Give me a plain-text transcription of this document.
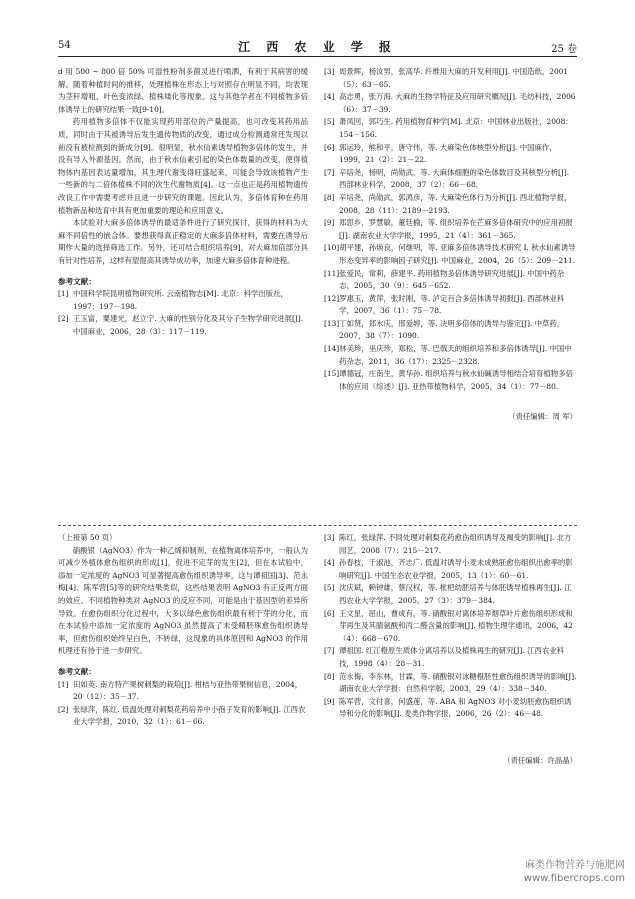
54	江 西 农 业 学 报	25 卷

d 用 500 ~ 800 倍 50% 可湿性粉剂多菌灵进行喷洒，有利于其病害的缓解。随着种植时间的推移，处理植株在形态上与对照存在明显不同，均表现为茎秆增粗、叶色变浓绿、植株矮化等现象。这与其他学者在不同植物多倍体诱导上的研究结果一致[9-10]。

药用植物多倍体不仅能实现药用部位的产量提高，也可改变其药用品质，同时由于其被诱导后发生遗传物质的改变，通过成分检测通常还发现以前没有被检测到的新成分[9]。很明显，秋水仙素诱导植物多倍体的发生，并没有导入外源基因。然而，由于秋水仙素引起的染色体数量的改变，使得植物体内基因表达量增加，其生理代谢变得旺盛起来，可能会导致该植物产生一些新的与二倍体植株不同的次生代谢物质[4]。这一点也正是药用植物遗传改良工作中需要考虑并且进一步研究的课题。因此认为，多倍体育种在药用植物新品种选育中具有更加重要的理论和应用意义。

本试验对大麻多倍体诱导的最适条件进行了研究探讨，获得的材料为大麻不同倍性的嵌合体。要想获得真正稳定的大麻多倍体材料，需要在诱导后期作大量的选择筛选工作。另外，还可结合组织培养[9]，对大麻加倍部分具有针对性培养，这样有望提高其诱导成功率，加速大麻多倍体育种进程。

参考文献：
[1] 中国科学院昆明植物研究所. 云南植物志[M]. 北京：科学出版社，1997：197－198.
[2] 王玉富，粟建光，赵立宁. 大麻的性别分化及其分子生物学研究进展[J]. 中国麻业，2006，28（3）：117－119.
[3] 周景辉，杨汝男，张高华. 纤维用大麻的开发利用[J]. 中国造纸，2001（5）：63－65.
[4] 高志勇，张万海. 大麻的生物学特征及应用研究概况[J]. 毛纺科技，2006（6）：37－39.
[5] 萧凤回，郭巧生. 药用植物育种学[M]. 北京：中国林业出版社，2008：154－156.
[6] 郭运玲，熊和平，唐守伟，等. 大麻染色体核型分析[J]. 中国麻作，1999，21（2）：21－22.
[7] 辛培尧，杨明，尚勋武，等. 大麻体细胞的染色体数目及其核型分析[J]. 西部林业科学，2008，37（2）：66－68.
[8] 辛培尧，尚勋武，郭鸿彦，等. 大麻染色体行为分析[J]. 西北植物学报，2008，28（11）：2189－2193.
[9] 郑思乡，罗慧敏，董廷榆，等. 组织培养在芒麻多倍体研究中的应用初报[J]. 湖南农业大学学报，1995，21（4）：361－365.
[10] 胡平建，孙焕良，何继明，等. 亚麻多倍体诱导技术研究 I. 秋水仙素诱导形态变异率的影响因子研究[J]. 中国麻业，2004，26（5）：209－211.
[11] 张爱民，常莉，薛建平. 药用植物多倍体诱导研究进展[J]. 中国中药杂志，2005，30（9）：645－652.
[12] 罗惠玉，黄萍，张时刚，等. 泸定百合多倍体诱导初报[J]. 西部林业科学，2007，36（1）：75－78.
[13] 丁如贤，郑水庆，邢爱婷，等. 决明多倍体的诱导与鉴定[J]. 中草药，2007，38（7）：1090.
[14] 林美珍，巫庆珍，郑松，等. 巴戟天的组织培养和多倍体诱导[J]. 中国中药杂志，2011，36（17）：2325－2328.
[15] 谭德冠，庄南生，黄华孙. 组织培养与秋水仙碱诱导相结合培育植物多倍体的应用（综述）[J]. 亚热带植物科学，2005，34（1）：77－80.
（责任编辑：周 军）
（上接第 50 页）

硝酸银（AgNO3）作为一种乙烯抑制剂，在植物离体培养中，一般认为可减少外植体愈伤组织的形成[1]，促进不定芽的发生[2]，但在本试验中，添加一定浓度的 AgNO3 可显著提高愈伤组织诱导率，这与谭祖国[3]、范永梅[4]、陈军营[5]等的研究结果类似，这些结果表明 AgNO3 有正反两方面的效应。不同植物种类对 AgNO3 的反应不同，可能是由于基因型的差异所导致。在愈伤组织分化过程中，大多以绿色愈伤组织最有利于芽的分化，而在本试验中添加一定浓度的 AgNO3 虽然提高了未受精胚珠愈伤组织诱导率，但愈伤组织始终呈白色，不转绿，这现象的具体原因和 AgNO3 的作用机理还有待于进一步研究。

参考文献：
[1] 田如英. 南方特产果树刺梨的栽培[J]. 柑桔与亚热带果树信息，2004，20（12）：35－37.
[2] 张绿萍，陈红. 低温处理对刺梨花药培养中小孢子发育的影响[J]. 江西农业大学学报，2010，32（1）：61－66.
[3] 陈红，张绿萍. 不同处理对刺梨花药愈伤组织诱导及褐变的影响[J]. 北方园艺，2008（7）：215－217.
[4] 孙春枝，于淑池，齐志广. 低温对诱导小麦未成熟胚愈伤组织出愈率的影响研究[J]. 中国生态农业学报，2005，13（1）：60－61.
[5] 沈庆斌，赖钟雄，蔡汉权，等. 枇杷幼胚培养与体胚诱导植株再生[J]. 江西农业大学学报，2005，27（3）：379－384.
[6] 王文星，屈山，曹成有，等. 硝酸银对离体培养烟草叶片愈伤组织形成和芽再生及其腈氨酸和丙二醛含量的影响[J]. 植物生理学通讯，2006，42（4）：668－670.
[7] 谭祖国. 红江橙原生质体分离培养以及植株再生的研究[J]. 江西农业科技，1998（4）：28－31.
[8] 范永梅，李东林，甘霖，等. 硝酸银对冰糖橙胚性愈伤组织诱导的影响[J]. 湖南农业大学学报：自然科学版，2003，29（4）：338－340.
[9] 陈军营，文付喜，何盛莲，等. ABA 和 AgNO3 对小麦幼胚愈伤组织诱导和分化的影响[J]. 麦类作物学报，2006，26（2）：46－48.
（责任编辑：许晶晶）
麻类作物营养与施肥网
www.fibercrops.com
